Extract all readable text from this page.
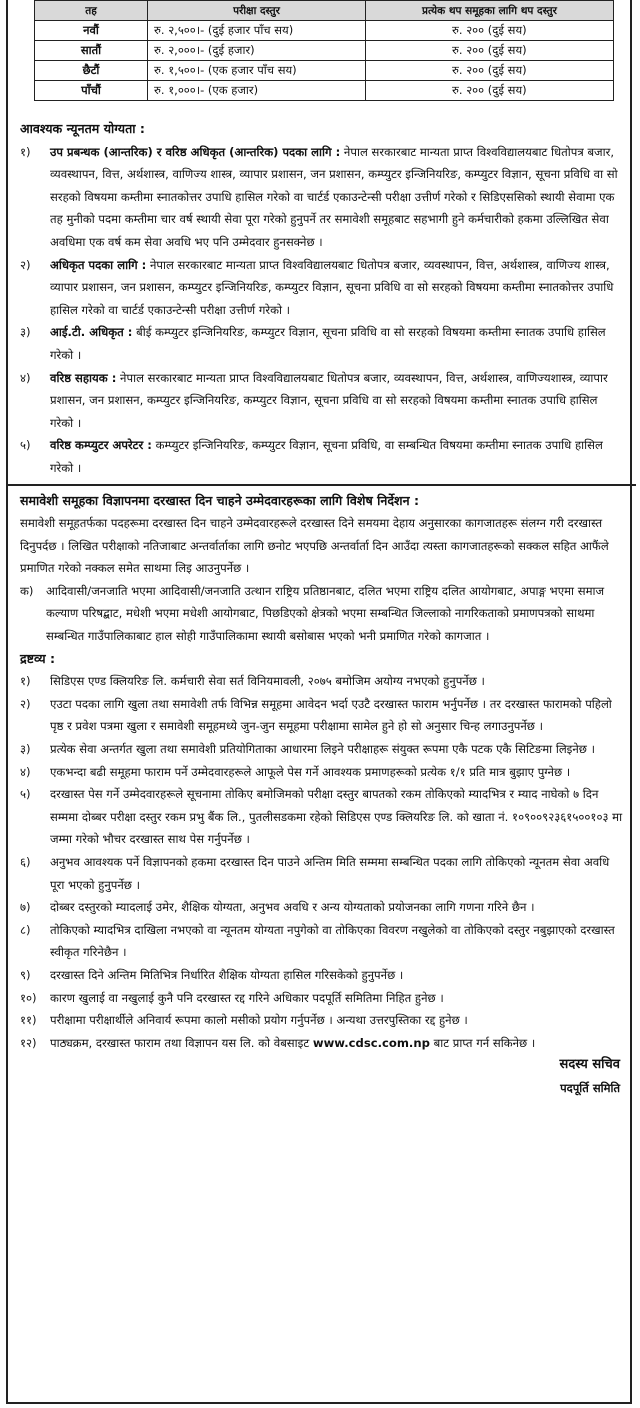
तह	परीक्षा दस्तुर	प्रत्येक थप समूहका लागि थप दस्तुर
नवौं	रु. २,५००।- (दुई हजार पाँच सय)	रु. २०० (दुई सय)
सातौं	रु. २,०००।- (दुई हजार)	रु. २०० (दुई सय)
छैटौं	रु. १,५००।- (एक हजार पाँच सय)	रु. २०० (दुई सय)
पाँचौं	रु. १,०००।- (एक हजार)	रु. २०० (दुई सय)
आवश्यक न्यूनतम योग्यता :
१) उप प्रबन्धक (आन्तरिक) र वरिष्ठ अधिकृत (आन्तरिक) पदका लागि : नेपाल सरकारबाट मान्यता प्राप्त विश्वविद्यालयबाट धितोपत्र बजार, व्यवस्थापन, वित्त, अर्थशास्त्र, वाणिज्य शास्त्र, व्यापार प्रशासन, जन प्रशासन, कम्प्युटर इन्जिनियरिङ, कम्प्युटर विज्ञान, सूचना प्रविधि वा सो सरहको विषयमा कम्तीमा स्नातकोत्तर उपाधि हासिल गरेको वा चार्टर्ड एकाउन्टेन्सी परीक्षा उत्तीर्ण गरेको र सिडिएससिको स्थायी सेवामा एक तह मुनीको पदमा कम्तीमा चार वर्ष स्थायी सेवा पूरा गरेको हुनुपर्ने तर समावेशी समूहबाट सहभागी हुने कर्मचारीको हकमा उल्लिखित सेवा अवधिमा एक वर्ष कम सेवा अवधि भए पनि उम्मेदवार हुनसक्नेछ ।
२) अधिकृत पदका लागि : नेपाल सरकारबाट मान्यता प्राप्त विश्वविद्यालयबाट धितोपत्र बजार, व्यवस्थापन, वित्त, अर्थशास्त्र, वाणिज्य शास्त्र, व्यापार प्रशासन, जन प्रशासन, कम्प्युटर इन्जिनियरिङ, कम्प्युटर विज्ञान, सूचना प्रविधि वा सो सरहको विषयमा कम्तीमा स्नातकोत्तर उपाधि हासिल गरेको वा चार्टर्ड एकाउन्टेन्सी परीक्षा उत्तीर्ण गरेको ।
३) आई.टी. अधिकृत : बीई कम्प्युटर इन्जिनियरिङ, कम्प्युटर विज्ञान, सूचना प्रविधि वा सो सरहको विषयमा कम्तीमा स्नातक उपाधि हासिल गरेको ।
४) वरिष्ठ सहायक : नेपाल सरकारबाट मान्यता प्राप्त विश्वविद्यालयबाट धितोपत्र बजार, व्यवस्थापन, वित्त, अर्थशास्त्र, वाणिज्यशास्त्र, व्यापार प्रशासन, जन प्रशासन, कम्प्युटर इन्जिनियरिङ, कम्प्युटर विज्ञान, सूचना प्रविधि वा सो सरहको विषयमा कम्तीमा स्नातक उपाधि हासिल गरेको ।
५) वरिष्ठ कम्प्युटर अपरेटर : कम्प्युटर इन्जिनियरिङ, कम्प्युटर विज्ञान, सूचना प्रविधि, वा सम्बन्धित विषयमा कम्तीमा स्नातक उपाधि हासिल गरेको ।
समावेशी समूहका विज्ञापनमा दरखास्त दिन चाहने उम्मेदवारहरूका लागि विशेष निर्देशन :
समावेशी समूहतर्फका पदहरूमा दरखास्त दिन चाहने उम्मेदवारहरूले दरखास्त दिने समयमा देहाय अनुसारका कागजातहरू संलग्न गरी दरखास्त दिनुपर्दछ । लिखित परीक्षाको नतिजाबाट अन्तर्वार्ताका लागि छनोट भएपछि अन्तर्वार्ता दिन आउँदा त्यस्ता कागजातहरूको सक्कल सहित आफैंले प्रमाणित गरेको नक्कल समेत साथमा लिइ आउनुपर्नेछ ।
क) आदिवासी/जनजाति भएमा आदिवासी/जनजाति उत्थान राष्ट्रिय प्रतिष्ठानबाट, दलित भएमा राष्ट्रिय दलित आयोगबाट, अपाङ्ग भएमा समाज कल्याण परिषद्बाट, मधेशी भएमा मधेशी आयोगबाट, पिछडिएको क्षेत्रको भएमा सम्बन्धित जिल्लाको नागरिकताको प्रमाणपत्रको साथमा सम्बन्धित गाउँपालिकाबाट हाल सोही गाउँपालिकामा स्थायी बसोबास भएको भनी प्रमाणित गरेको कागजात ।
द्रष्टव्य :
१) सिडिएस एण्ड क्लियरिङ लि. कर्मचारी सेवा सर्त विनियमावली, २०७५ बमोजिम अयोग्य नभएको हुनुपर्नेछ ।
२) एउटा पदका लागि खुला तथा समावेशी तर्फ विभिन्न समूहमा आवेदन भर्दा एउटै दरखास्त फाराम भर्नुपर्नेछ । तर दरखास्त फारामको पहिलो पृष्ठ र प्रवेश पत्रमा खुला र समावेशी समूहमध्ये जुन-जुन समूहमा परीक्षामा सामेल हुने हो सो अनुसार चिन्ह लगाउनुपर्नेछ ।
३) प्रत्येक सेवा अन्तर्गत खुला तथा समावेशी प्रतियोगिताका आधारमा लिइने परीक्षाहरू संयुक्त रूपमा एकै पटक एकै सिटिङमा लिइनेछ ।
४) एकभन्दा बढी समूहमा फाराम पर्ने उम्मेदवारहरूले आफूले पेस गर्ने आवश्यक प्रमाणहरूको प्रत्येक १/१ प्रति मात्र बुझाए पुग्नेछ ।
५) दरखास्त पेस गर्ने उम्मेदवारहरूले सूचनामा तोकिए बमोजिमको परीक्षा दस्तुर बापतको रकम तोकिएको म्यादभित्र र म्याद नाघेको ७ दिन सम्ममा दोब्बर परीक्षा दस्तुर रकम प्रभु बैंक लि., पुतलीसडकमा रहेको सिडिएस एण्ड क्लियरिङ लि. को खाता नं. १०९००९२३६१५००१०३ मा जम्मा गरेको भौचर दरखास्त साथ पेस गर्नुपर्नेछ ।
६) अनुभव आवश्यक पर्ने विज्ञापनको हकमा दरखास्त दिन पाउने अन्तिम मिति सम्ममा सम्बन्धित पदका लागि तोकिएको न्यूनतम सेवा अवधि पूरा भएको हुनुपर्नेछ ।
७) दोब्बर दस्तुरको म्यादलाई उमेर, शैक्षिक योग्यता, अनुभव अवधि र अन्य योग्यताको प्रयोजनका लागि गणना गरिने छैन ।
८) तोकिएको म्यादभित्र दाखिला नभएको वा न्यूनतम योग्यता नपुगेको वा तोकिएका विवरण नखुलेको वा तोकिएको दस्तुर नबुझाएको दरखास्त स्वीकृत गरिनेछैन ।
९) दरखास्त दिने अन्तिम मितिभित्र निर्धारित शैक्षिक योग्यता हासिल गरिसकेको हुनुपर्नेछ ।
१०) कारण खुलाई वा नखुलाई कुनै पनि दरखास्त रद्द गरिने अधिकार पदपूर्ति समितिमा निहित हुनेछ ।
११) परीक्षामा परीक्षार्थीले अनिवार्य रूपमा कालो मसीको प्रयोग गर्नुपर्नेछ । अन्यथा उत्तरपुस्तिका रद्द हुनेछ ।
१२) पाठ्यक्रम, दरखास्त फाराम तथा विज्ञापन यस लि. को वेबसाइट www.cdsc.com.np बाट प्राप्त गर्न सकिनेछ ।
सदस्य सचिव
पदपूर्ति समिति
